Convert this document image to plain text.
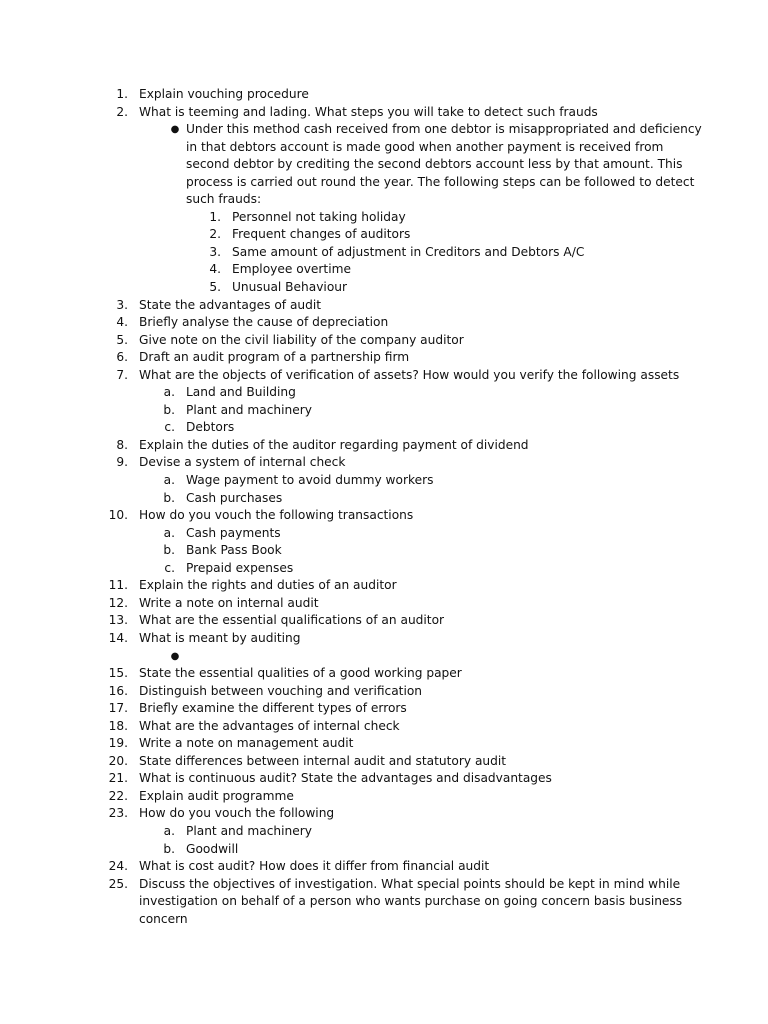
1. Explain vouching procedure
2. What is teeming and lading. What steps you will take to detect such frauds
● Under this method cash received from one debtor is misappropriated and deficiency
in that debtors account is made good when another payment is received from
second debtor by crediting the second debtors account less by that amount. This
process is carried out round the year. The following steps can be followed to detect
such frauds:
1. Personnel not taking holiday
2. Frequent changes of auditors
3. Same amount of adjustment in Creditors and Debtors A/C
4. Employee overtime
5. Unusual Behaviour
3. State the advantages of audit
4. Briefly analyse the cause of depreciation
5. Give note on the civil liability of the company auditor
6. Draft an audit program of a partnership firm
7. What are the objects of verification of assets? How would you verify the following assets
a. Land and Building
b. Plant and machinery
c. Debtors
8. Explain the duties of the auditor regarding payment of dividend
9. Devise a system of internal check
a. Wage payment to avoid dummy workers
b. Cash purchases
10. How do you vouch the following transactions
a. Cash payments
b. Bank Pass Book
c. Prepaid expenses
11. Explain the rights and duties of an auditor
12. Write a note on internal audit
13. What are the essential qualifications of an auditor
14. What is meant by auditing
●
15. State the essential qualities of a good working paper
16. Distinguish between vouching and verification
17. Briefly examine the different types of errors
18. What are the advantages of internal check
19. Write a note on management audit
20. State differences between internal audit and statutory audit
21. What is continuous audit? State the advantages and disadvantages
22. Explain audit programme
23. How do you vouch the following
a. Plant and machinery
b. Goodwill
24. What is cost audit? How does it differ from financial audit
25. Discuss the objectives of investigation. What special points should be kept in mind while
investigation on behalf of a person who wants purchase on going concern basis business
concern
